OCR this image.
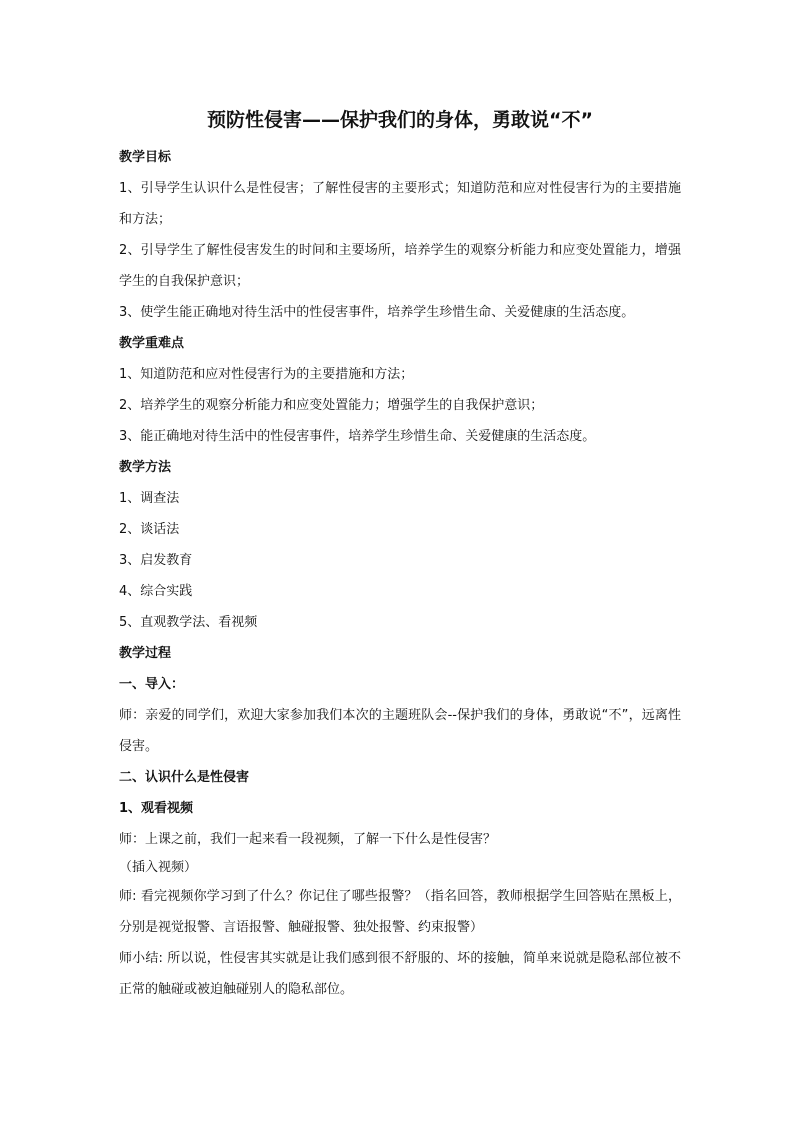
预防性侵害——保护我们的身体，勇敢说“不”
教学目标
1、引导学生认识什么是性侵害；了解性侵害的主要形式；知道防范和应对性侵害行为的主要措施和方法；
2、引导学生了解性侵害发生的时间和主要场所，培养学生的观察分析能力和应变处置能力，增强学生的自我保护意识；
3、使学生能正确地对待生活中的性侵害事件，培养学生珍惜生命、关爱健康的生活态度。
教学重难点
1、知道防范和应对性侵害行为的主要措施和方法；
2、培养学生的观察分析能力和应变处置能力；增强学生的自我保护意识；
3、能正确地对待生活中的性侵害事件，培养学生珍惜生命、关爱健康的生活态度。
教学方法
1、调查法
2、谈话法
3、启发教育
4、综合实践
5、直观教学法、看视频
教学过程
一、导入：
师：亲爱的同学们，欢迎大家参加我们本次的主题班队会--保护我们的身体，勇敢说“不”，远离性侵害。
二、认识什么是性侵害
1、观看视频
师：上课之前，我们一起来看一段视频，了解一下什么是性侵害？
（插入视频）
师: 看完视频你学习到了什么？你记住了哪些报警？（指名回答，教师根据学生回答贴在黑板上，分别是视觉报警、言语报警、触碰报警、独处报警、约束报警）
师小结: 所以说，性侵害其实就是让我们感到很不舒服的、坏的接触，简单来说就是隐私部位被不正常的触碰或被迫触碰别人的隐私部位。
